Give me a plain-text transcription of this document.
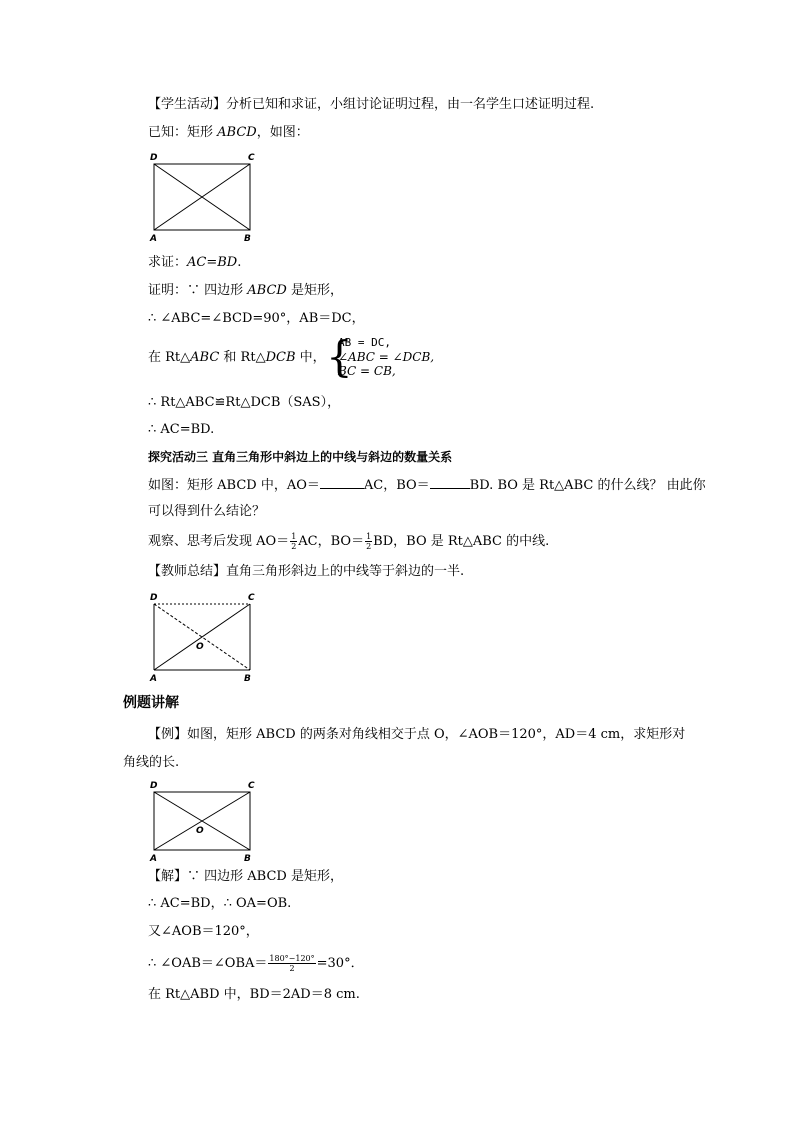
【学生活动】分析已知和求证，小组讨论证明过程，由一名学生口述证明过程.
已知：矩形 ABCD，如图：
D	C
A	B
求证：AC=BD.
证明：∵ 四边形 ABCD 是矩形，
∴ ∠ABC=∠BCD=90°，AB＝DC，
在 Rt△ABC 和 Rt△DCB 中， {
AB = DC,
∠ABC = ∠DCB,
BC = CB,
∴ Rt△ABC≌Rt△DCB（SAS），
∴ AC=BD.
探究活动三 直角三角形中斜边上的中线与斜边的数量关系
如图：矩形 ABCD 中，AO＝	AC，BO＝	BD. BO 是 Rt△ABC 的什么线？ 由此你
可以得到什么结论？
观察、思考后发现 $AO= \frac{1}{2}$ AC，$BO= \frac{1}{2}$ BD，BO 是 Rt△ABC 的中线.
【教师总结】直角三角形斜边上的中线等于斜边的一半.
D	C
A	B
O
例题讲解
【例】如图，矩形 ABCD 的两条对角线相交于点 O，∠AOB＝120°，AD＝4 cm，求矩形对
角线的长.
D	C
A	B
O
【解】∵ 四边形 ABCD 是矩形，
∴ AC=BD，∴ OA=OB.
又∠AOB＝120°，
∴ ∠OAB＝∠OBA＝ $\frac{180^\circ-120^\circ}{2} =30^\circ$．
在 Rt△ABD 中，BD＝2AD＝8 cm.
